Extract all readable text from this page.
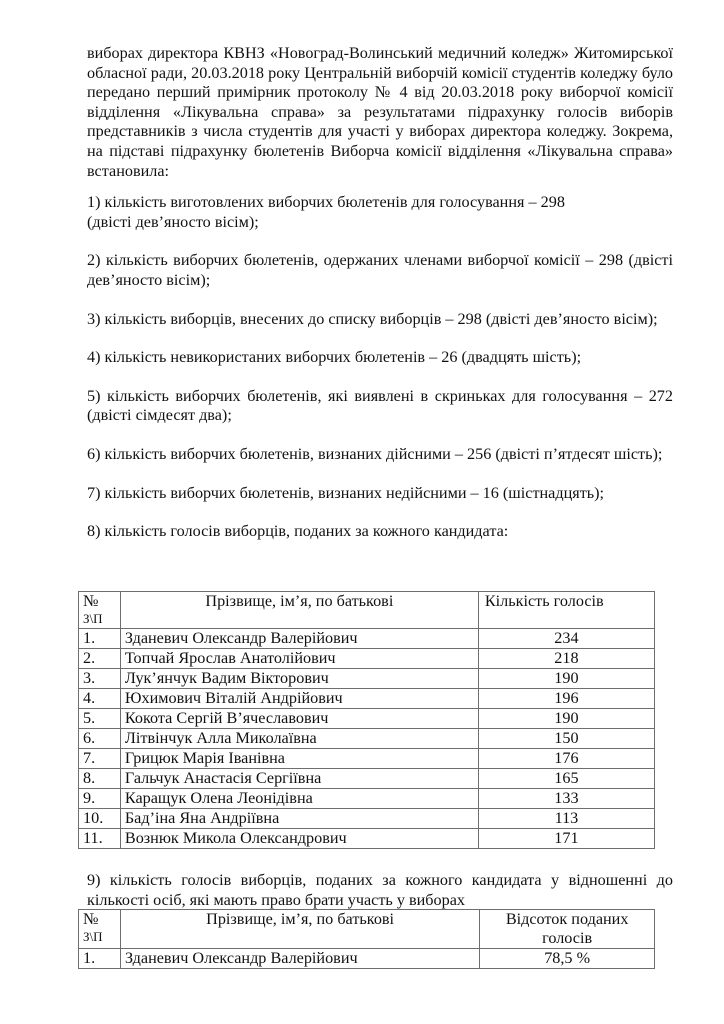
виборах директора КВНЗ «Новоград-Волинський медичний коледж» Житомирської обласної ради, 20.03.2018 року Центральній виборчій комісії студентів коледжу було передано перший примірник протоколу № 4 від 20.03.2018 року виборчої комісії відділення «Лікувальна справа» за результатами підрахунку голосів виборів представників з числа студентів для участі у виборах директора коледжу. Зокрема, на підставі підрахунку бюлетенів Виборча комісії відділення «Лікувальна справа» встановила:

1) кількість виготовлених виборчих бюлетенів для голосування – 298

(двісті дев’яносто вісім);

2) кількість виборчих бюлетенів, одержаних членами виборчої комісії – 298 (двісті дев’яносто вісім);

3) кількість виборців, внесених до списку виборців – 298 (двісті дев’яносто вісім);

4) кількість невикористаних виборчих бюлетенів – 26 (двадцять шість);

5) кількість виборчих бюлетенів, які виявлені в скриньках для голосування – 272 (двісті сімдесят два);

6) кількість виборчих бюлетенів, визнаних дійсними – 256 (двісті п’ятдесят шість);

7) кількість виборчих бюлетенів, визнаних недійсними – 16 (шістнадцять);

8) кількість голосів виборців, поданих за кожного кандидата:

№
З\П	Прізвище, ім’я, по батькові	Кількість голосів
1.	Зданевич Олександр Валерійович	234
2.	Топчай Ярослав Анатолійович	218
3.	Лук’янчук Вадим Вікторович	190
4.	Юхимович Віталій Андрійович	196
5.	Кокота Сергій В’ячеславович	190
6.	Літвінчук Алла Миколаївна	150
7.	Грицюк Марія Іванівна	176
8.	Гальчук Анастасія Сергіївна	165
9.	Каращук Олена Леонідівна	133
10.	Бад’іна Яна Андріївна	113
11.	Вознюк Микола Олександрович	171

9) кількість голосів виборців, поданих за кожного кандидата у відношенні до кількості осіб, які мають право брати участь у виборах

№
З\П	Прізвище, ім’я, по батькові	Відсоток поданих голосів
1.	Зданевич Олександр Валерійович	78,5 %
